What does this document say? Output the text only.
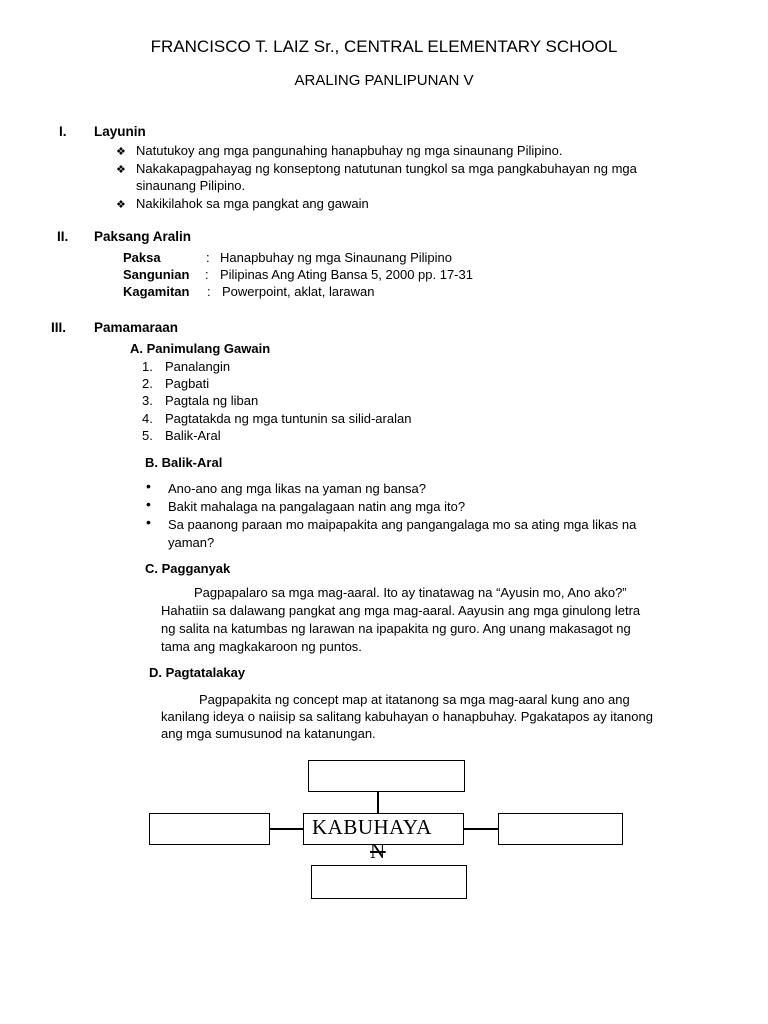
FRANCISCO T. LAIZ Sr., CENTRAL ELEMENTARY SCHOOL
ARALING PANLIPUNAN V
I. Layunin
❖ Natutukoy ang mga pangunahing hanapbuhay ng mga sinaunang Pilipino.
❖ Nakakapagpahayag ng konseptong natutunan tungkol sa mga pangkabuhayan ng mga
sinaunang Pilipino.
❖ Nakikilahok sa mga pangkat ang gawain
II. Paksang Aralin
Paksa	: Hanapbuhay ng mga Sinaunang Pilipino
Sangunian : Pilipinas Ang Ating Bansa 5, 2000 pp. 17-31
Kagamitan : Powerpoint, aklat, larawan
III. Pamamaraan
A. Panimulang Gawain
1. Panalangin
2. Pagbati
3. Pagtala ng liban
4. Pagtatakda ng mga tuntunin sa silid-aralan
5. Balik-Aral
B. Balik-Aral
• Ano-ano ang mga likas na yaman ng bansa?
• Bakit mahalaga na pangalagaan natin ang mga ito?
• Sa paanong paraan mo maipapakita ang pangangalaga mo sa ating mga likas na
yaman?
C. Pagganyak
Pagpapalaro sa mga mag-aaral. Ito ay tinatawag na “Ayusin mo, Ano ako?”
Hahatiin sa dalawang pangkat ang mga mag-aaral. Aayusin ang mga ginulong letra
ng salita na katumbas ng larawan na ipapakita ng guro. Ang unang makasagot ng
tama ang magkakaroon ng puntos.
D. Pagtatalakay
Pagpapakita ng concept map at itatanong sa mga mag-aaral kung ano ang
kanilang ideya o naiisip sa salitang kabuhayan o hanapbuhay. Pgakatapos ay itanong
ang mga sumusunod na katanungan.
KABUHAYA
N
